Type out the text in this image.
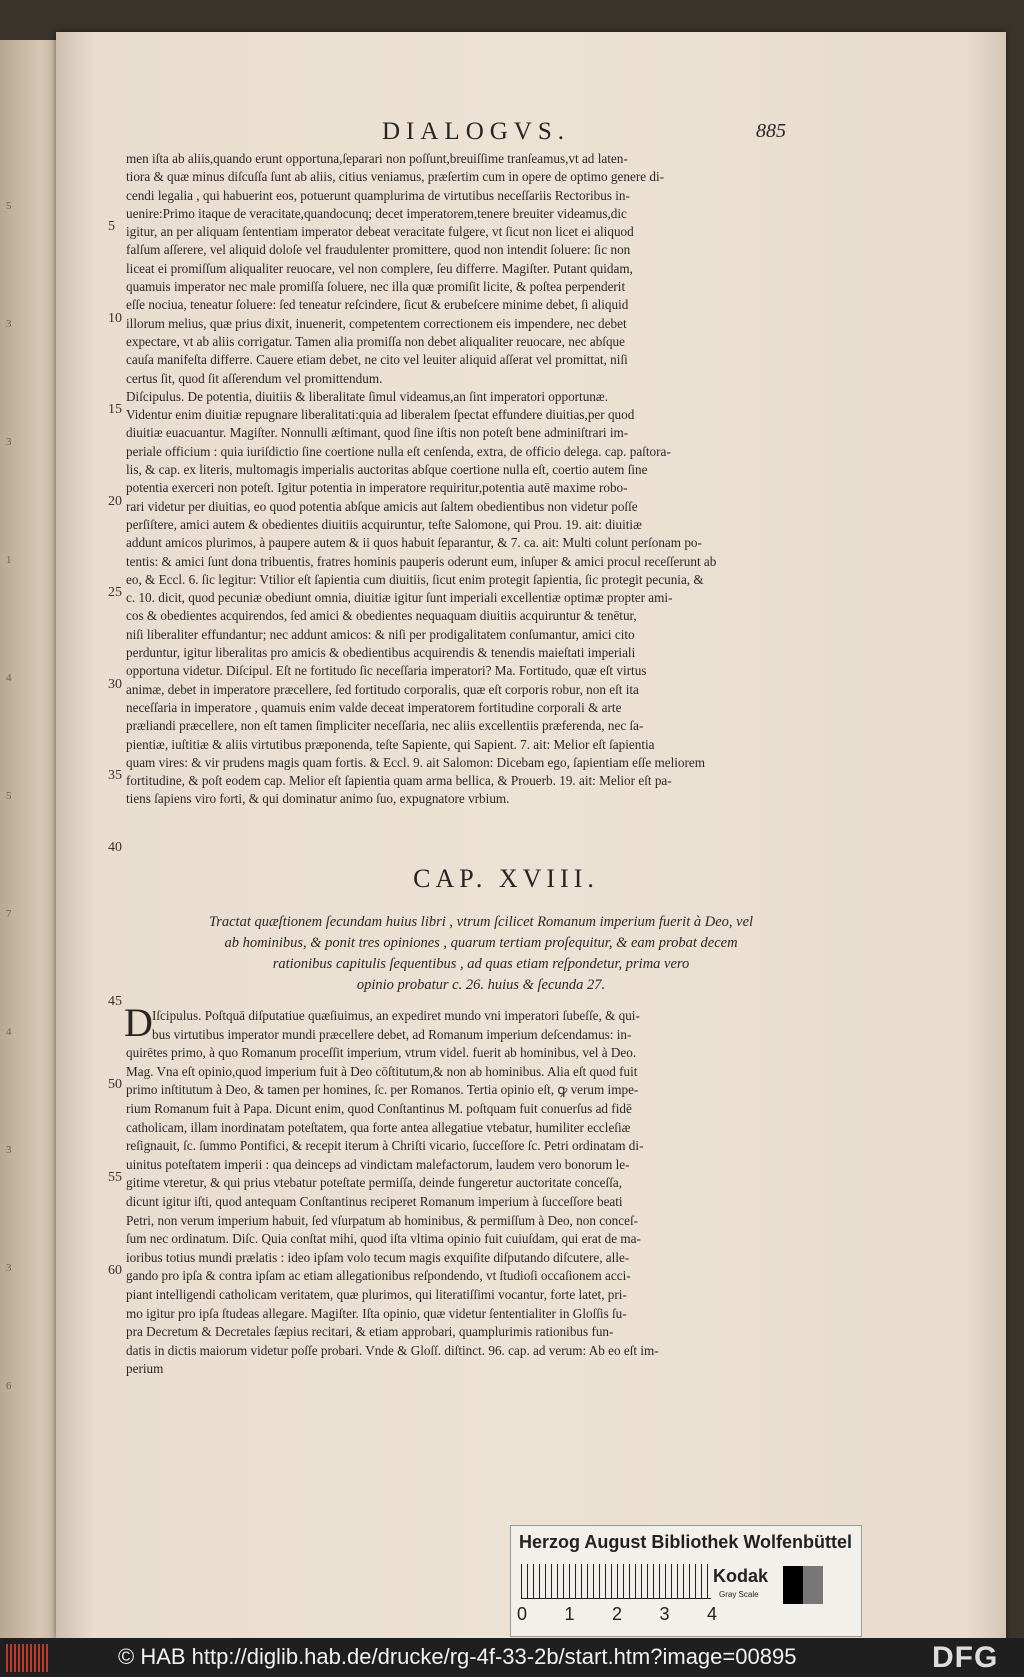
5
3
3
1
4
5
7
4
3
3
6
DIALOGVS.	885
men iſta ab aliis,quando erunt opportuna,ſeparari non poſſunt,breuiſſime tranſeamus,vt ad laten-
tiora & quæ minus diſcuſſa ſunt ab aliis, citius veniamus, præſertim cum in opere de optimo genere di-
cendi legalia , qui habuerint eos, potuerunt quamplurima de virtutibus neceſſariis Rectoribus in-
uenire:Primo itaque de veracitate,quandocunq; decet imperatorem,tenere breuiter videamus,dic
igitur, an per aliquam ſententiam imperator debeat veracitate fulgere, vt ſicut non licet ei aliquod
falſum aſſerere, vel aliquid doloſe vel fraudulenter promittere, quod non intendit ſoluere: ſic non
liceat ei promiſſum aliqualiter reuocare, vel non complere, ſeu differre. Magiſter. Putant quidam,
quamuis imperator nec male promiſſa ſoluere, nec illa quæ promiſit licite, & poſtea perpenderit
eſſe nociua, teneatur ſoluere: ſed teneatur reſcindere, ſicut & erubeſcere minime debet, ſi aliquid
illorum melius, quæ prius dixit, inuenerit, competentem correctionem eis impendere, nec debet
expectare, vt ab aliis corrigatur. Tamen alia promiſſa non debet aliqualiter reuocare, nec abſque
cauſa manifeſta differre. Cauere etiam debet, ne cito vel leuiter aliquid aſſerat vel promittat, niſi
certus ſit, quod ſit aſſerendum vel promittendum.
Diſcipulus. De potentia, diuitiis & liberalitate ſimul videamus,an ſint imperatori opportunæ.
Videntur enim diuitiæ repugnare liberalitati:quia ad liberalem ſpectat effundere diuitias,per quod
diuitiæ euacuantur. Magiſter. Nonnulli æſtimant, quod ſine iſtis non poteſt bene adminiſtrari im-
periale officium : quia iuriſdictio ſine coertione nulla eſt cenſenda, extra, de officio delega. cap. paſtora-
lis, & cap. ex literis, multomagis imperialis auctoritas abſque coertione nulla eſt, coertio autem ſine
potentia exerceri non poteſt. Igitur potentia in imperatore requiritur,potentia autē maxime robo-
rari videtur per diuitias, eo quod potentia abſque amicis aut ſaltem obedientibus non videtur poſſe
perſiſtere, amici autem & obedientes diuitiis acquiruntur, teſte Salomone, qui Prou. 19. ait: diuitiæ
addunt amicos plurimos, à paupere autem & ii quos habuit ſeparantur, & 7. ca. ait: Multi colunt perſonam po-
tentis: & amici ſunt dona tribuentis, fratres hominis pauperis oderunt eum, inſuper & amici procul receſſerunt ab
eo, & Eccl. 6. ſic legitur: Vtilior eſt ſapientia cum diuitiis, ſicut enim protegit ſapientia, ſic protegit pecunia, &
c. 10. dicit, quod pecuniæ obediunt omnia, diuitiæ igitur ſunt imperiali excellentiæ optimæ propter ami-
cos & obedientes acquirendos, ſed amici & obedientes nequaquam diuitiis acquiruntur & tenētur,
niſi liberaliter effundantur; nec addunt amicos: & niſi per prodigalitatem conſumantur, amici cito
perduntur, igitur liberalitas pro amicis & obedientibus acquirendis & tenendis maieſtati imperiali
opportuna videtur. Diſcipul. Eſt ne fortitudo ſic neceſſaria imperatori? Ma. Fortitudo, quæ eſt virtus
animæ, debet in imperatore præcellere, ſed fortitudo corporalis, quæ eſt corporis robur, non eſt ita
neceſſaria in imperatore , quamuis enim valde deceat imperatorem fortitudine corporali & arte
præliandi præcellere, non eſt tamen ſimpliciter neceſſaria, nec aliis excellentiis præferenda, nec ſa-
pientiæ, iuſtitiæ & aliis virtutibus præponenda, teſte Sapiente, qui Sapient. 7. ait: Melior eſt ſapientia
quam vires: & vir prudens magis quam fortis. & Eccl. 9. ait Salomon: Dicebam ego, ſapientiam eſſe meliorem
fortitudine, & poſt eodem cap. Melior eſt ſapientia quam arma bellica, & Prouerb. 19. ait: Melior eſt pa-
tiens ſapiens viro forti, & qui dominatur animo ſuo, expugnatore vrbium.
5
10
15
20
25
30
35
40
CAP. XVIII.
Tractat quæſtionem ſecundam huius libri , vtrum ſcilicet Romanum imperium fuerit à Deo, vel
ab hominibus, & ponit tres opiniones , quarum tertiam proſequitur, & eam probat decem
rationibus capitulis ſequentibus , ad quas etiam reſpondetur, prima vero
opinio probatur c. 26. huius & ſecunda 27.
45 D Iſcipulus. Poſtquā diſputatiue quæſiuimus, an expediret mundo vni imperatori ſubeſſe, & qui-
bus virtutibus imperator mundi præcellere debet, ad Romanum imperium deſcendamus: in-
quirētes primo, à quo Romanum proceſſit imperium, vtrum videl. fuerit ab hominibus, vel à Deo.
Mag. Vna eſt opinio,quod imperium fuit à Deo cōſtitutum,& non ab hominibus. Alia eſt quod fuit
primo inſtitutum à Deo, & tamen per homines, ſc. per Romanos. Tertia opinio eſt, ꝙ verum impe-
rium Romanum fuit à Papa. Dicunt enim, quod Conſtantinus M. poſtquam fuit conuerſus ad fidē
catholicam, illam inordinatam poteſtatem, qua forte antea allegatiue vtebatur, humiliter eccleſiæ
reſignauit, ſc. ſummo Pontifici, & recepit iterum à Chriſti vicario, ſucceſſore ſc. Petri ordinatam di-
uinitus poteſtatem imperii : qua deinceps ad vindictam malefactorum, laudem vero bonorum le-
gitime vteretur, & qui prius vtebatur poteſtate permiſſa, deinde fungeretur auctoritate conceſſa,
dicunt igitur iſti, quod antequam Conſtantinus reciperet Romanum imperium à ſucceſſore beati
Petri, non verum imperium habuit, ſed vſurpatum ab hominibus, & permiſſum à Deo, non conceſ-
ſum nec ordinatum. Diſc. Quia conſtat mihi, quod iſta vltima opinio fuit cuiuſdam, qui erat de ma-
ioribus totius mundi prælatis : ideo ipſam volo tecum magis exquiſite diſputando diſcutere, alle-
gando pro ipſa & contra ipſam ac etiam allegationibus reſpondendo, vt ſtudioſi occaſionem acci-
piant intelligendi catholicam veritatem, quæ plurimos, qui literatiſſimi vocantur, forte latet, pri-
mo igitur pro ipſa ſtudeas allegare. Magiſter. Iſta opinio, quæ videtur ſententialiter in Gloſſis ſu-
pra Decretum & Decretales ſæpius recitari, & etiam approbari, quamplurimis rationibus fun-
datis in dictis maiorum videtur poſſe probari. Vnde & Gloſſ. diſtinct. 96. cap. ad verum: Ab eo eſt im-
perium
50
55
60
Herzog August Bibliothek Wolfenbüttel
0 1 2 3 4
Kodak
Gray Scale
© HAB http://diglib.hab.de/drucke/rg-4f-33-2b/start.htm?image=00895	DFG
